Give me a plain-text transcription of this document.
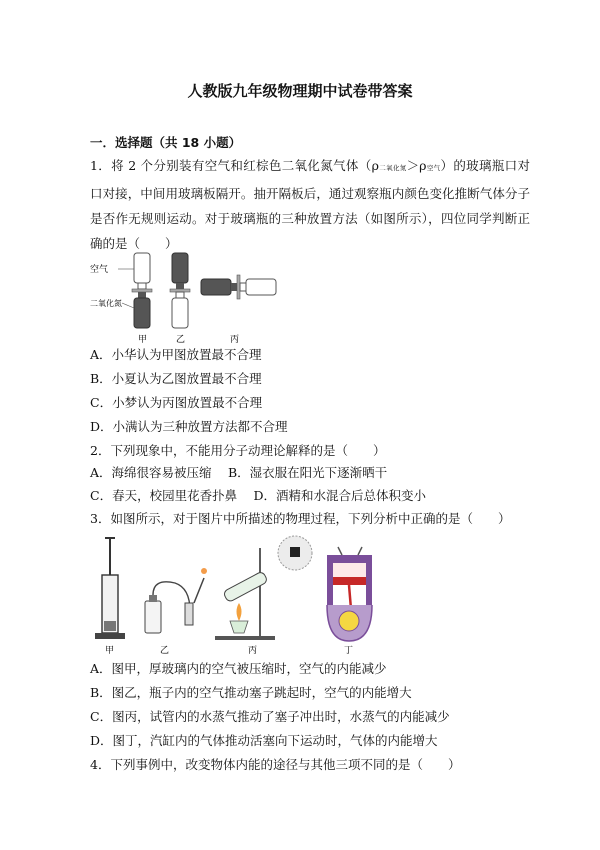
人教版九年级物理期中试卷带答案
一．选择题（共 18 小题）
1．将 2 个分别装有空气和红棕色二氧化氮气体（ρ二氧化氮＞ρ空气）的玻璃瓶口对口对接，中间用玻璃板隔开。抽开隔板后，通过观察瓶内颜色变化推断气体分子是否作无规则运动。对于玻璃瓶的三种放置方法（如图所示），四位同学判断正确的是（　　）
空气
二氧化氮
甲	乙	丙
A．小华认为甲图放置最不合理
B．小夏认为乙图放置最不合理
C．小梦认为丙图放置最不合理
D．小满认为三种放置方法都不合理
2．下列现象中，不能用分子动理论解释的是（　　）
A．海绵很容易被压缩　 B．湿衣服在阳光下逐渐晒干
C．春天，校园里花香扑鼻　 D．酒精和水混合后总体积变小
3．如图所示，对于图片中所描述的物理过程，下列分析中正确的是（　　）
甲	乙	丙	丁
A．图甲，厚玻璃内的空气被压缩时，空气的内能减少
B．图乙，瓶子内的空气推动塞子跳起时，空气的内能增大
C．图丙，试管内的水蒸气推动了塞子冲出时，水蒸气的内能减少
D．图丁，汽缸内的气体推动活塞向下运动时，气体的内能增大
4．下列事例中，改变物体内能的途径与其他三项不同的是（　　）
